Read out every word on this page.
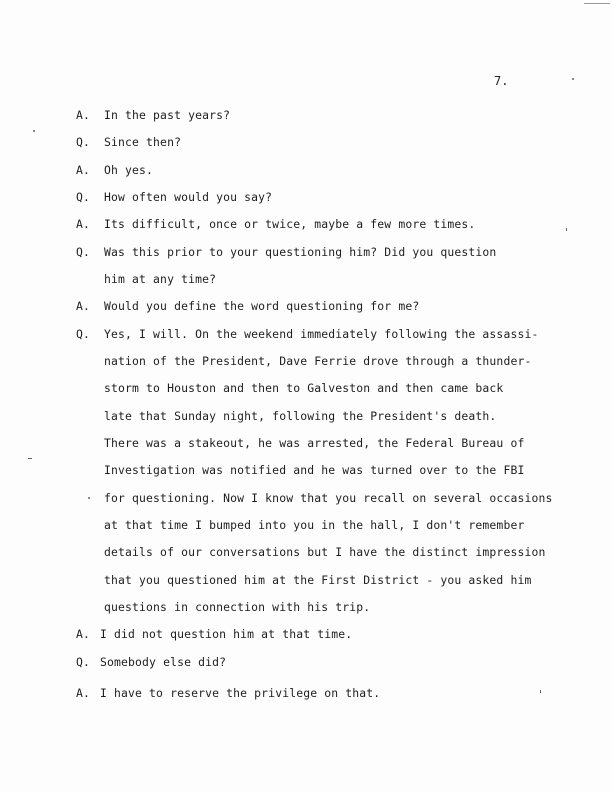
7.
A. In the past years?
Q. Since then?
A. Oh yes.
Q. How often would you say?
A. Its difficult, once or twice, maybe a few more times.
Q. Was this prior to your questioning him? Did you question
him at any time?
A. Would you define the word questioning for me?
Q. Yes, I will. On the weekend immediately following the assassi-
nation of the President, Dave Ferrie drove through a thunder-
storm to Houston and then to Galveston and then came back
late that Sunday night, following the President's death.
There was a stakeout, he was arrested, the Federal Bureau of
Investigation was notified and he was turned over to the FBI
for questioning. Now I know that you recall on several occasions
at that time I bumped into you in the hall, I don't remember
details of our conversations but I have the distinct impression
that you questioned him at the First District - you asked him
questions in connection with his trip.
A. I did not question him at that time.
Q. Somebody else did?
A. I have to reserve the privilege on that.
